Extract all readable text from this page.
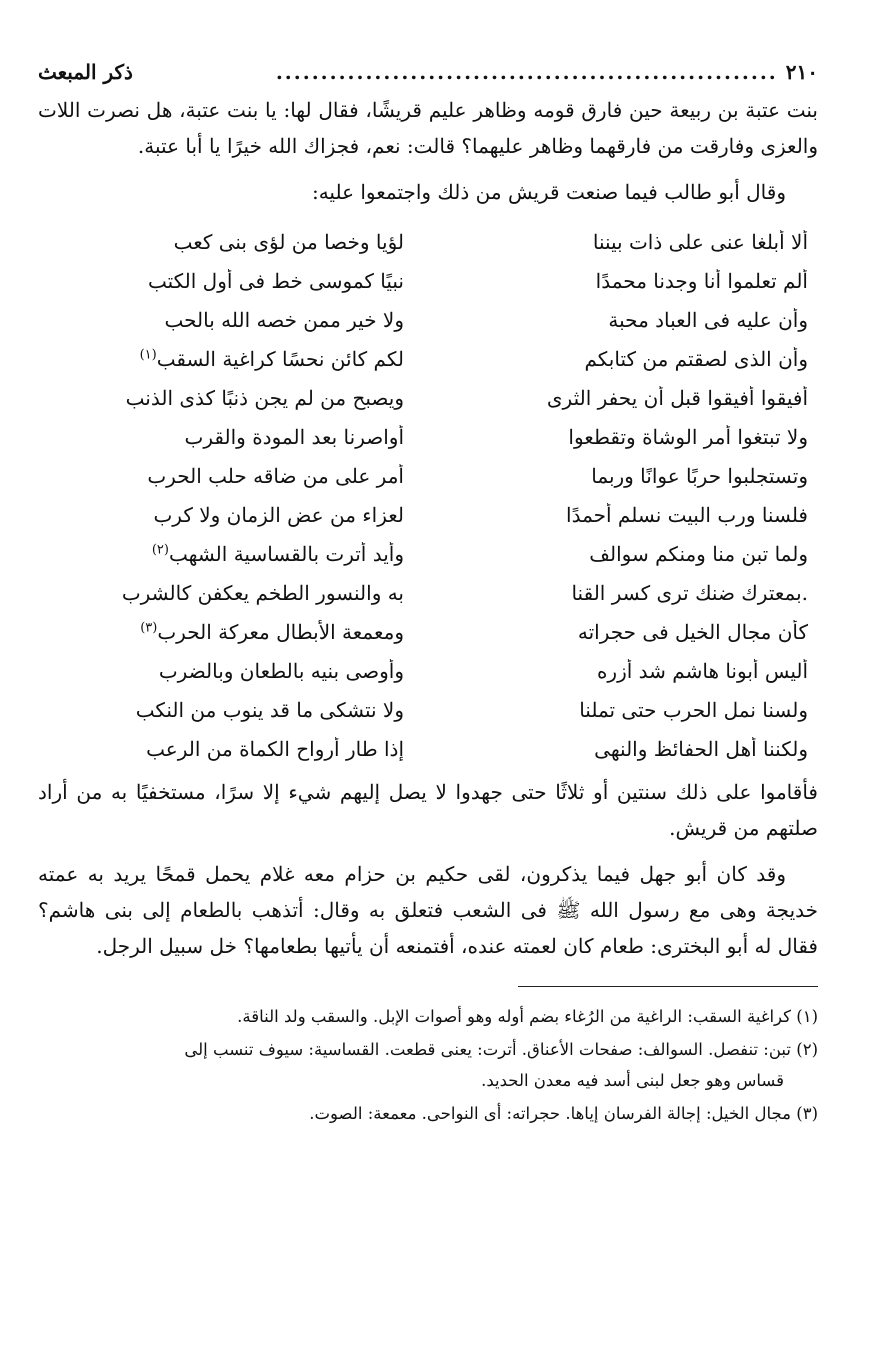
٢١٠
........................................................
ذكر المبعث

بنت عتبة بن ربيعة حين فارق قومه وظاهر عليم قريشًا، فقال لها: يا بنت عتبة، هل نصرت اللات والعزى وفارقت من فارقهما وظاهر عليهما؟ قالت: نعم، فجزاك الله خيرًا يا أبا عتبة.

وقال أبو طالب فيما صنعت قريش من ذلك واجتمعوا عليه:

ألا أبلغا عنى على ذات بيننا
لؤيا وخصا من لؤى بنى كعب
ألم تعلموا أنا وجدنا محمدًا
نبيًا كموسى خط فى أول الكتب
وأن عليه فى العباد محبة
ولا خير ممن خصه الله بالحب
وأن الذى لصقتم من كتابكم
لكم كائن نحسًا كراغية السقب$^{(١)}$
أفيقوا أفيقوا قبل أن يحفر الثرى
ويصبح من لم يجن ذنبًا كذى الذنب
ولا تبتغوا أمر الوشاة وتقطعوا
أواصرنا بعد المودة والقرب
وتستجلبوا حربًا عوانًا وربما
أمر على من ضاقه حلب الحرب
فلسنا ورب البيت نسلم أحمدًا
لعزاء من عض الزمان ولا كرب
ولما تبن منا ومنكم سوالف
وأيد أترت بالقساسية الشهب$^{(٢)}$
.بمعترك ضنك ترى كسر القنا
به والنسور الطخم يعكفن كالشرب
كأن مجال الخيل فى حجراته
ومعمعة الأبطال معركة الحرب$^{(٣)}$
أليس أبونا هاشم شد أزره
وأوصى بنيه بالطعان وبالضرب
ولسنا نمل الحرب حتى تملنا
ولا نتشكى ما قد ينوب من النكب
ولكننا أهل الحفائظ والنهى
إذا طار أرواح الكماة من الرعب

فأقاموا على ذلك سنتين أو ثلاثًا حتى جهدوا لا يصل إليهم شيء إلا سرًا، مستخفيًا به من أراد صلتهم من قريش.

وقد كان أبو جهل فيما يذكرون، لقى حكيم بن حزام معه غلام يحمل قمحًا يريد به عمته خديجة وهى مع رسول الله ﷺ فى الشعب فتعلق به وقال: أتذهب بالطعام إلى بنى هاشم؟ فقال له أبو البخترى: طعام كان لعمته عنده، أفتمنعه أن يأتيها بطعامها؟ خل سبيل الرجل.

(١) كراغية السقب: الراغية من الرُغاء بضم أوله وهو أصوات الإبل. والسقب ولد الناقة.

(٢) تبن: تنفصل. السوالف: صفحات الأعناق. أترت: يعنى قطعت. القساسية: سيوف تنسب إلى
قساس وهو جعل لبنى أسد فيه معدن الحديد.

(٣) مجال الخيل: إجالة الفرسان إياها. حجراته: أى النواحى. معمعة: الصوت.
